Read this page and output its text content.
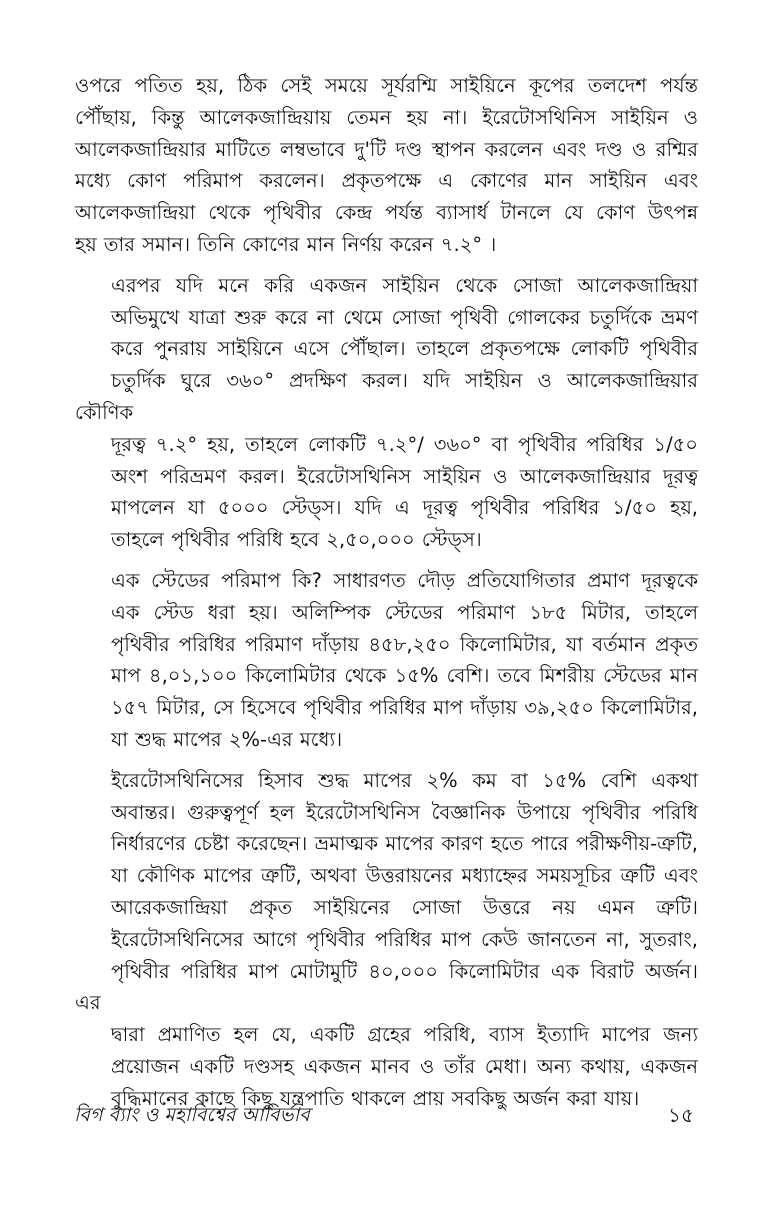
ওপরে পতিত হয়, ঠিক সেই সময়ে সূর্যরশ্মি সাইয়িনে কূপের তলদেশ পর্যন্ত
পৌঁছায়, কিন্তু আলেকজান্দ্রিয়ায় তেমন হয় না। ইরেটোসথিনিস সাইয়িন ও
আলেকজান্দ্রিয়ার মাটিতে লম্বভাবে দু'টি দণ্ড স্থাপন করলেন এবং দণ্ড ও রশ্মির
মধ্যে কোণ পরিমাপ করলেন। প্রকৃতপক্ষে এ কোণের মান সাইয়িন এবং
আলেকজান্দ্রিয়া থেকে পৃথিবীর কেন্দ্র পর্যন্ত ব্যাসার্ধ টানলে যে কোণ উৎপন্ন
হয় তার সমান। তিনি কোণের মান নির্ণয় করেন ৭.২° ।

এরপর যদি মনে করি একজন সাইয়িন থেকে সোজা আলেকজান্দ্রিয়া
অভিমুখে যাত্রা শুরু করে না থেমে সোজা পৃথিবী গোলকের চতুর্দিকে ভ্রমণ
করে পুনরায় সাইয়িনে এসে পৌঁছাল। তাহলে প্রকৃতপক্ষে লোকটি পৃথিবীর
চতুর্দিক ঘুরে ৩৬০° প্রদক্ষিণ করল। যদি সাইয়িন ও আলেকজান্দ্রিয়ার কৌণিক
দূরত্ব ৭.২° হয়, তাহলে লোকটি ৭.২°/ ৩৬০° বা পৃথিবীর পরিধির ১/৫০
অংশ পরিভ্রমণ করল। ইরেটোসথিনিস সাইয়িন ও আলেকজান্দ্রিয়ার দূরত্ব
মাপলেন যা ৫০০০ স্টেড্‌স। যদি এ দূরত্ব পৃথিবীর পরিধির ১/৫০ হয়,
তাহলে পৃথিবীর পরিধি হবে ২,৫০,০০০ স্টেড্‌স।

এক স্টেডের পরিমাপ কি? সাধারণত দৌড় প্রতিযোগিতার প্রমাণ দূরত্বকে
এক স্টেড ধরা হয়। অলিম্পিক স্টেডের পরিমাণ ১৮৫ মিটার, তাহলে
পৃথিবীর পরিধির পরিমাণ দাঁড়ায় ৪৫৮,২৫০ কিলোমিটার, যা বর্তমান প্রকৃত
মাপ ৪,০১,১০০ কিলোমিটার থেকে ১৫% বেশি। তবে মিশরীয় স্টেডের মান
১৫৭ মিটার, সে হিসেবে পৃথিবীর পরিধির মাপ দাঁড়ায় ৩৯,২৫০ কিলোমিটার,
যা শুদ্ধ মাপের ২%-এর মধ্যে।

ইরেটোসথিনিসের হিসাব শুদ্ধ মাপের ২% কম বা ১৫% বেশি একথা
অবান্তর। গুরুত্বপূর্ণ হল ইরেটোসথিনিস বৈজ্ঞানিক উপায়ে পৃথিবীর পরিধি
নির্ধারণের চেষ্টা করেছেন। ভ্রমাত্মক মাপের কারণ হতে পারে পরীক্ষণীয়-ত্রুটি,
যা কৌণিক মাপের ত্রুটি, অথবা উত্তরায়নের মধ্যাহ্নের সময়সূচির ত্রুটি এবং
আরেকজান্দ্রিয়া প্রকৃত সাইয়িনের সোজা উত্তরে নয় এমন ত্রুটি।
ইরেটোসথিনিসের আগে পৃথিবীর পরিধির মাপ কেউ জানতেন না, সুতরাং,
পৃথিবীর পরিধির মাপ মোটামুটি ৪০,০০০ কিলোমিটার এক বিরাট অর্জন। এর
দ্বারা প্রমাণিত হল যে, একটি গ্রহের পরিধি, ব্যাস ইত্যাদি মাপের জন্য
প্রয়োজন একটি দণ্ডসহ একজন মানব ও তাঁর মেধা। অন্য কথায়, একজন
বুদ্ধিমানের কাছে কিছু যন্ত্রপাতি থাকলে প্রায় সবকিছু অর্জন করা যায়।

বিগ ব্যাং ও মহাবিশ্বের আবির্ভাব	১৫
